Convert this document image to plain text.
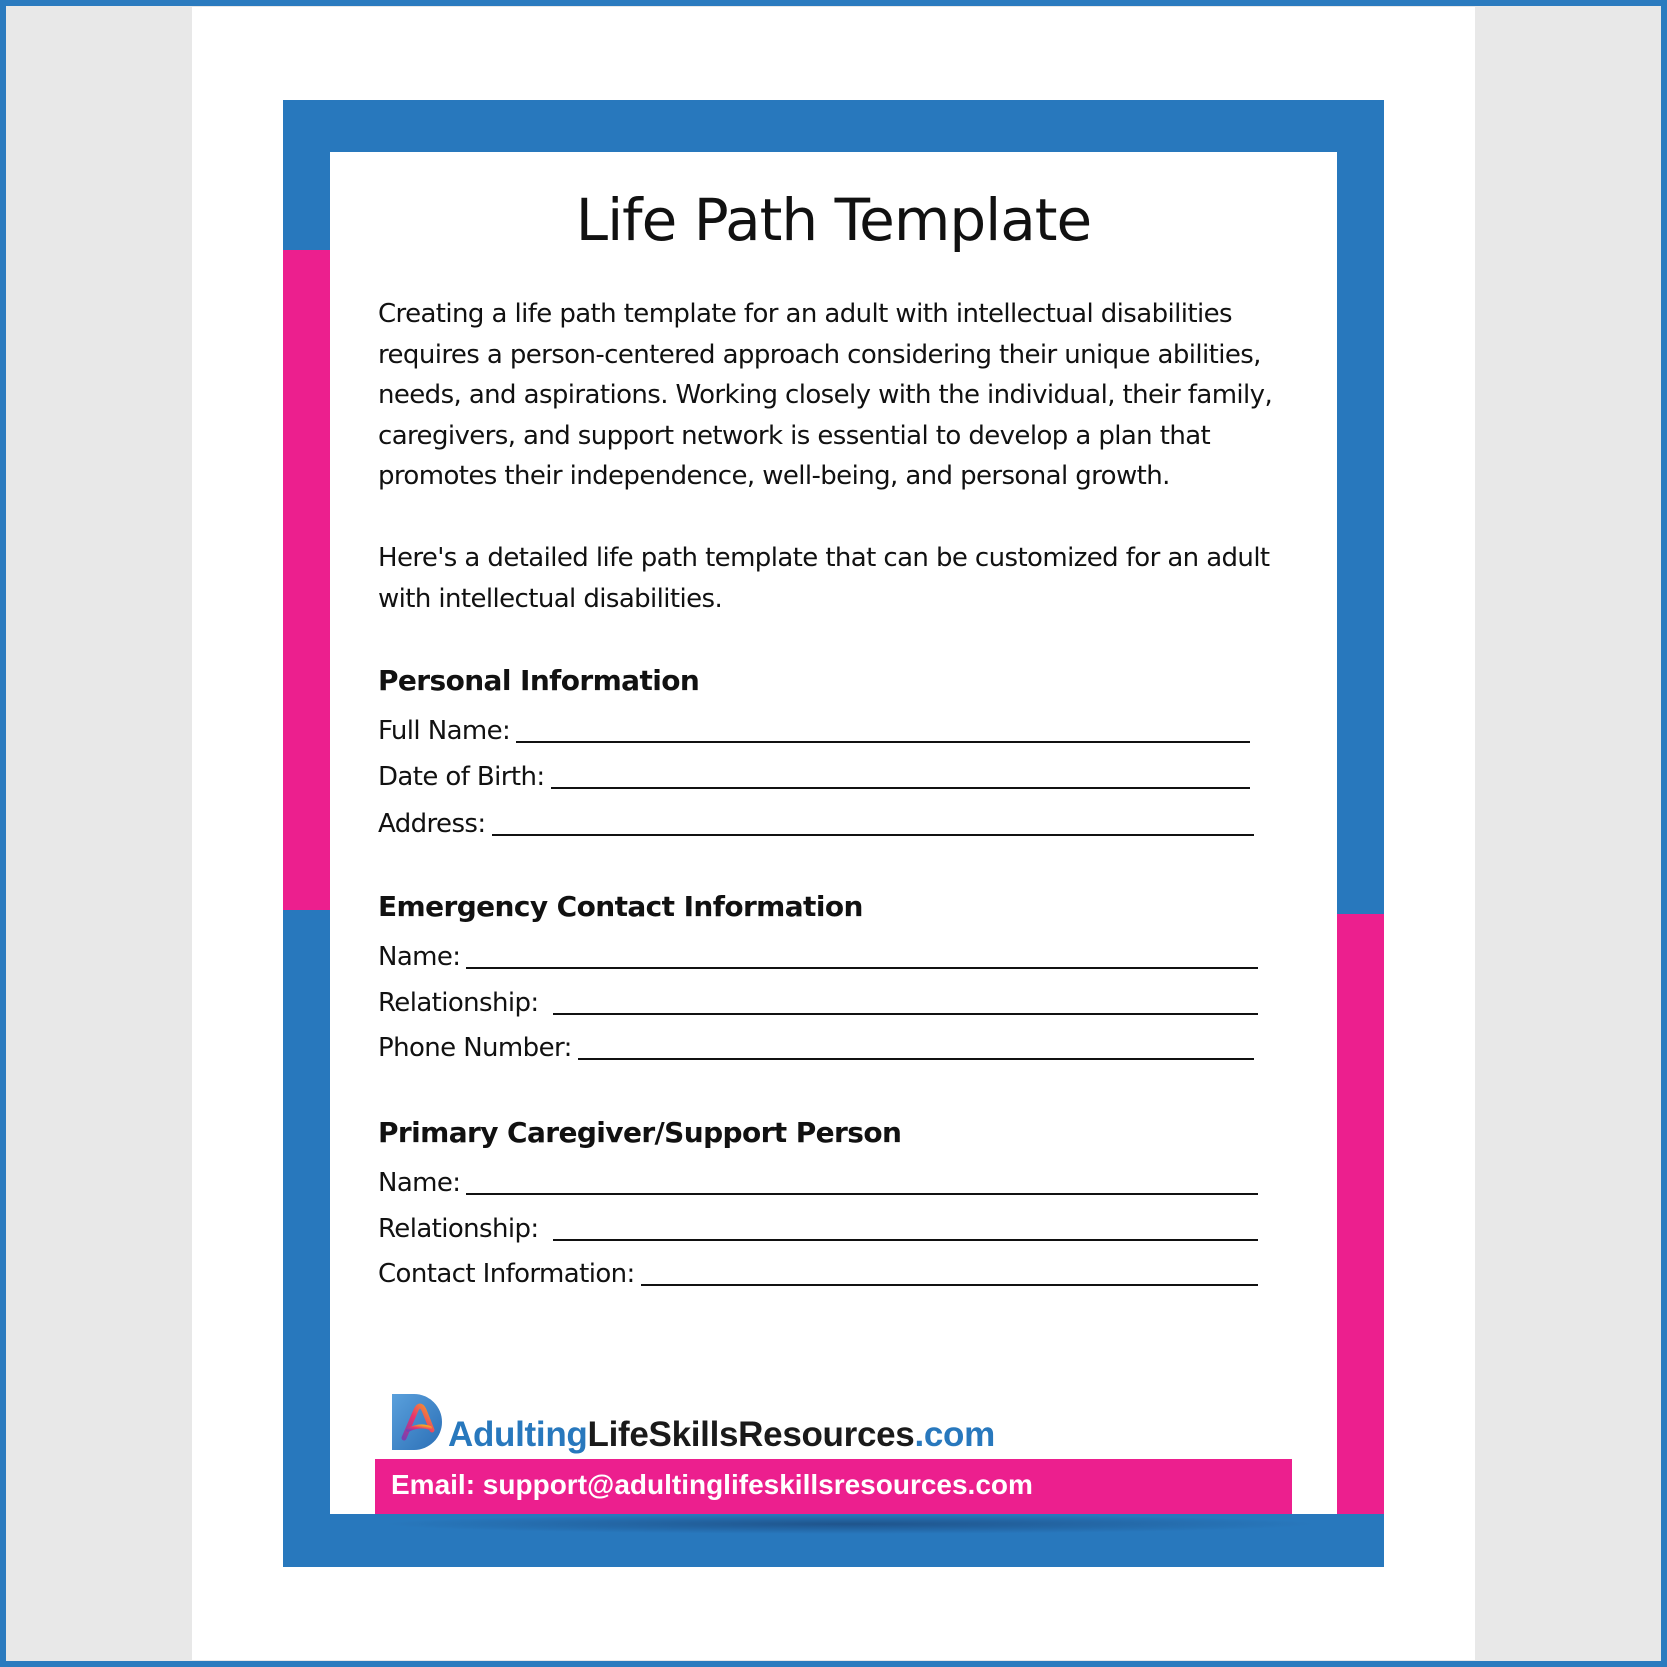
Life Path Template

Creating a life path template for an adult with intellectual disabilities requires a person-centered approach considering their unique abilities, needs, and aspirations. Working closely with the individual, their family, caregivers, and support network is essential to develop a plan that promotes their independence, well-being, and personal growth.

Here's a detailed life path template that can be customized for an adult with intellectual disabilities.

Personal Information
Full Name:
Date of Birth:
Address:
Emergency Contact Information
Name:
Relationship:
Phone Number:
Primary Caregiver/Support Person
Name:
Relationship:
Contact Information:
AdultingLifeSkillsResources.com
Email: support@adultinglifeskillsresources.com
